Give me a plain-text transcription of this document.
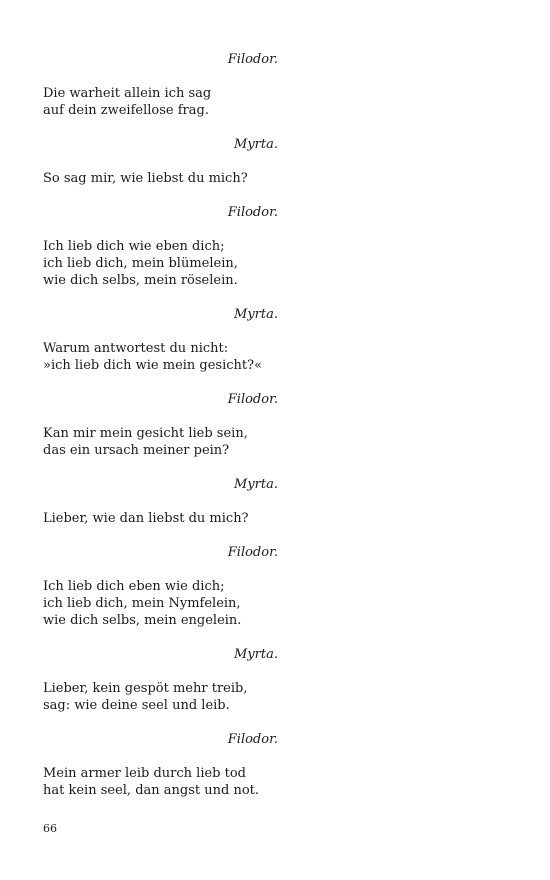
Filodor.

Die warheit allein ich sag
auf dein zweifellose frag.

Myrta.

So sag mir, wie liebst du mich?

Filodor.

Ich lieb dich wie eben dich;
ich lieb dich, mein blümelein,
wie dich selbs, mein röselein.

Myrta.

Warum antwortest du nicht:
»ich lieb dich wie mein gesicht?«

Filodor.

Kan mir mein gesicht lieb sein,
das ein ursach meiner pein?

Myrta.

Lieber, wie dan liebst du mich?

Filodor.

Ich lieb dich eben wie dich;
ich lieb dich, mein Nymfelein,
wie dich selbs, mein engelein.

Myrta.

Lieber, kein gespöt mehr treib,
sag: wie deine seel und leib.

Filodor.

Mein armer leib durch lieb tod
hat kein seel, dan angst und not.

66
